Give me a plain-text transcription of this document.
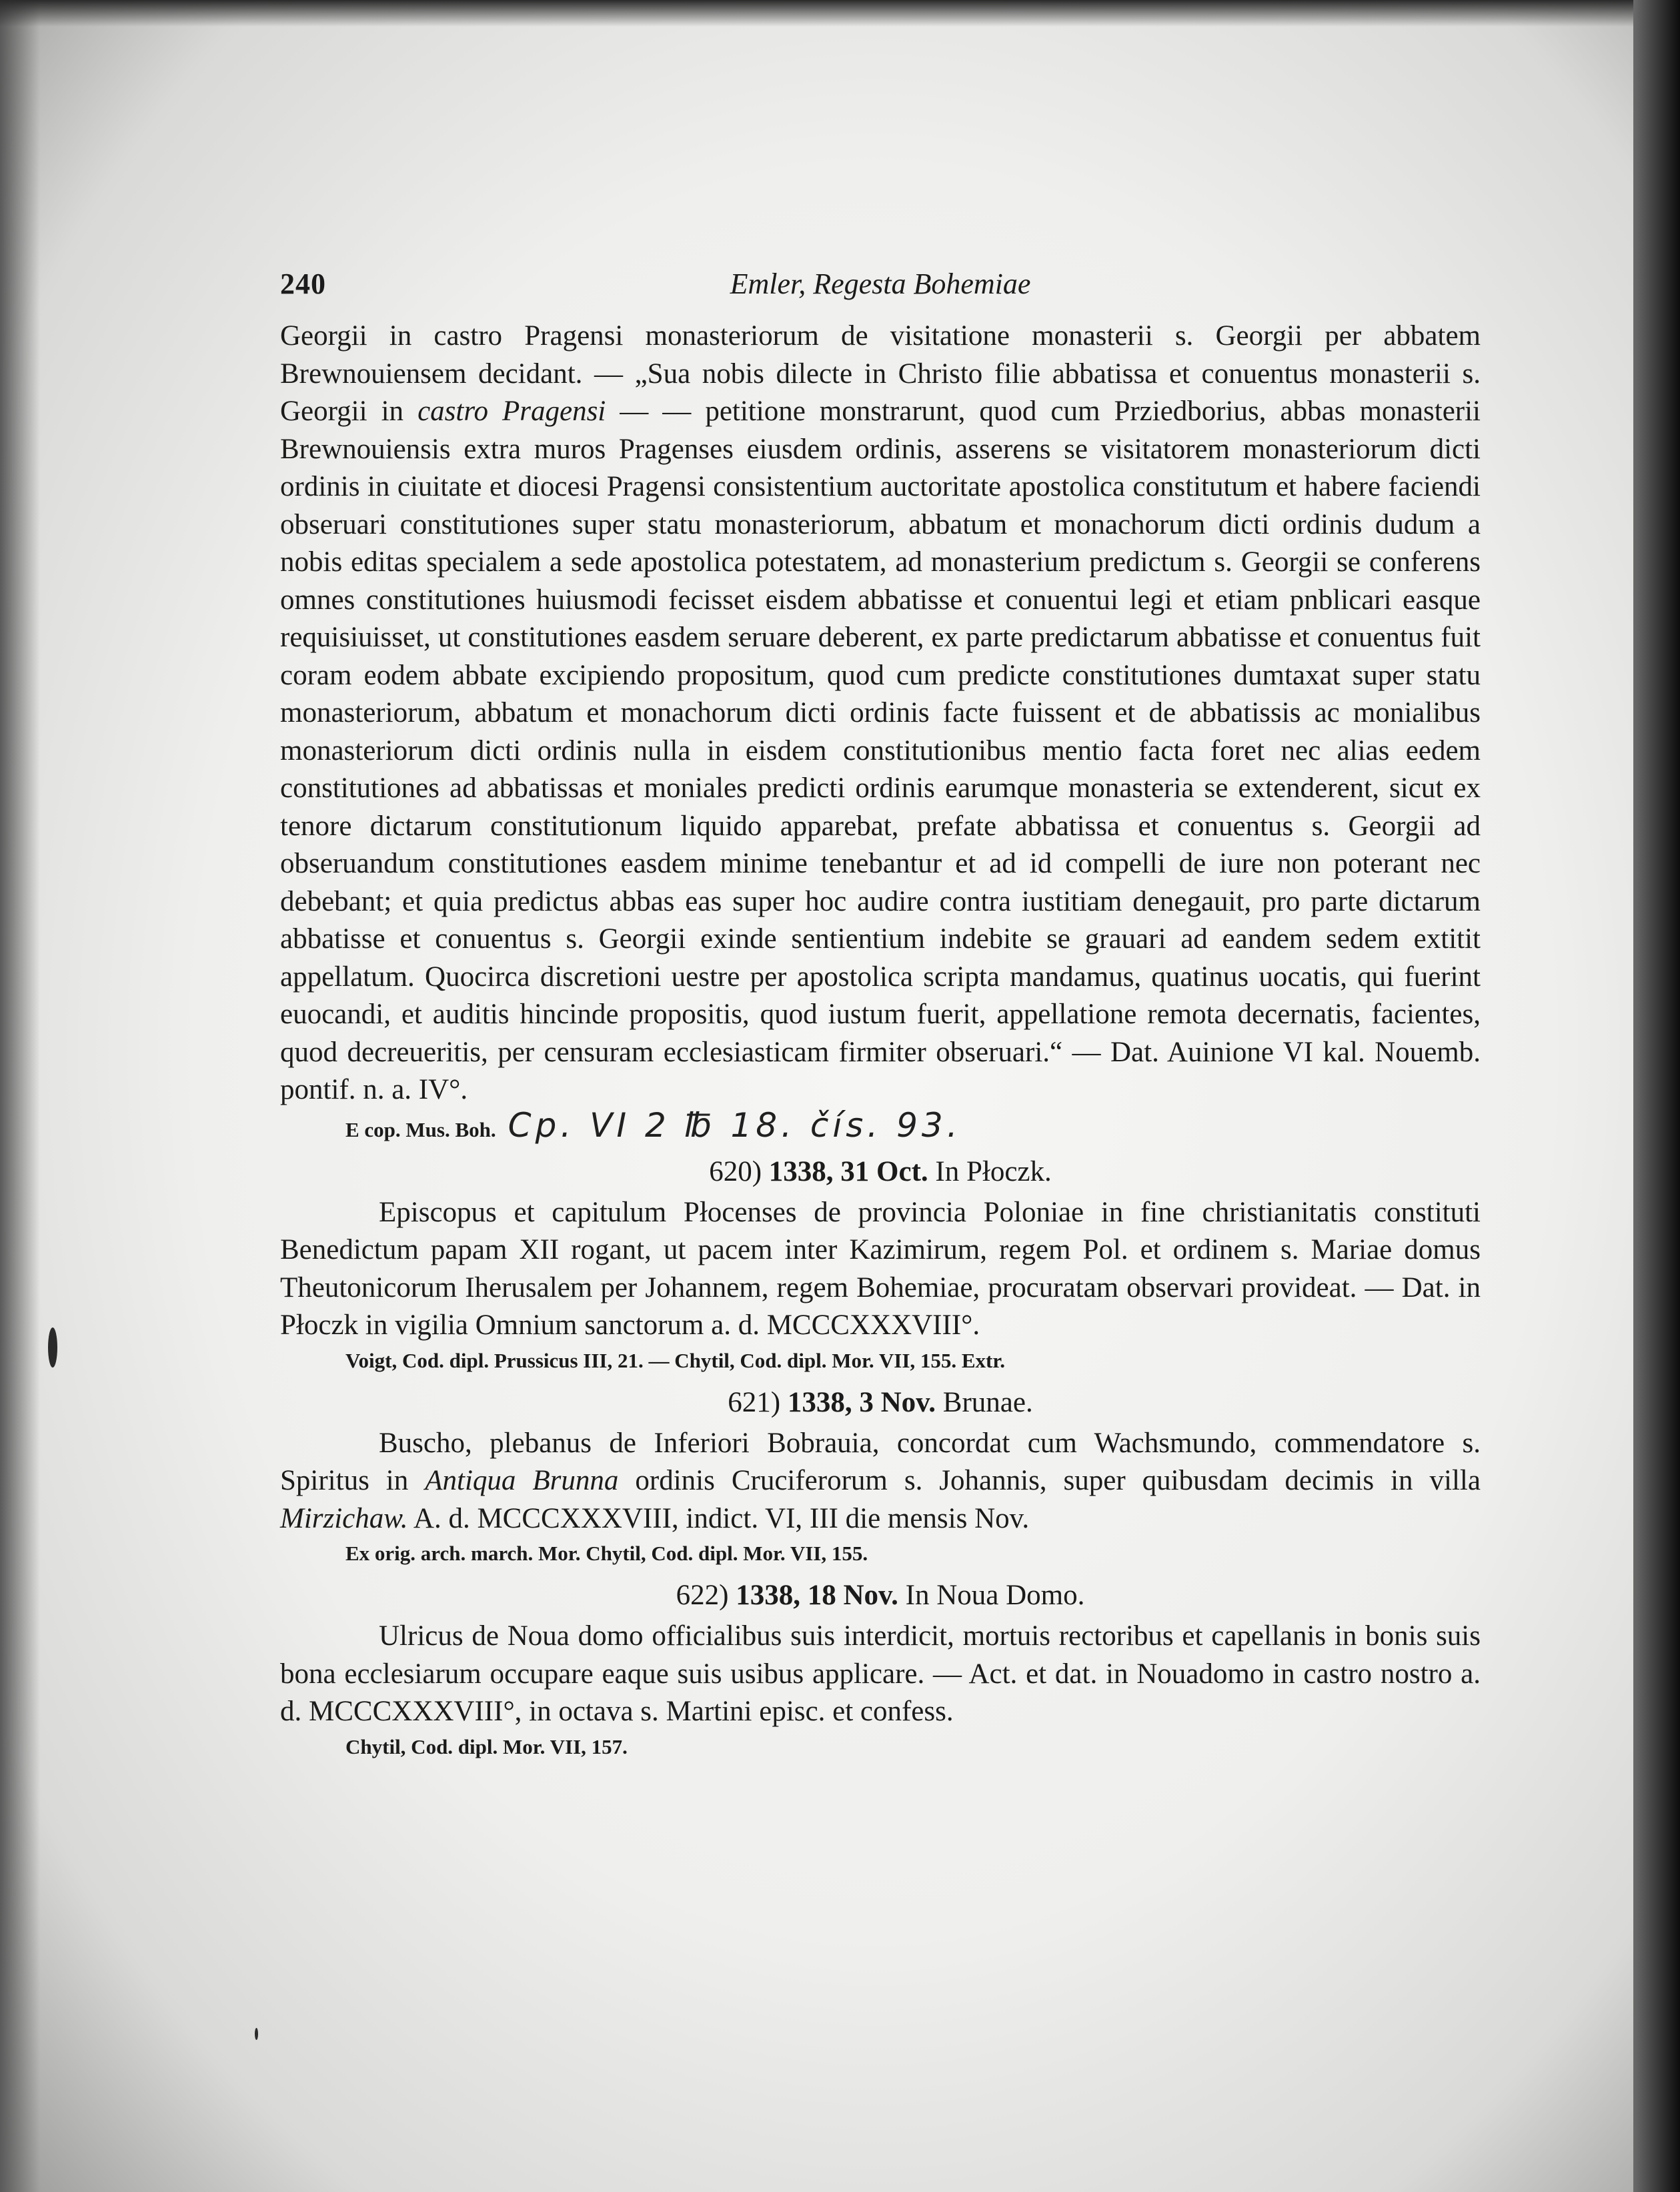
240	Emler, Regesta Bohemiae

Georgii in castro Pragensi monasteriorum de visitatione monasterii s. Georgii per abbatem Brewnouiensem decidant. — „Sua nobis dilecte in Christo filie abbatissa et conuentus monasterii s. Georgii in castro Pragensi — — petitione monstrarunt, quod cum Prziedborius, abbas monasterii Brewnouiensis extra muros Pragenses eiusdem ordinis, asserens se visitatorem monasteriorum dicti ordinis in ciuitate et diocesi Pragensi consistentium auctoritate apostolica constitutum et habere faciendi obseruari constitutiones super statu monasteriorum, abbatum et monachorum dicti ordinis dudum a nobis editas specialem a sede apostolica potestatem, ad monasterium predictum s. Georgii se conferens omnes constitutiones huiusmodi fecisset eisdem abbatisse et conuentui legi et etiam pnblicari easque requisiuisset, ut constitutiones easdem seruare deberent, ex parte predictarum abbatisse et conuentus fuit coram eodem abbate excipiendo propositum, quod cum predicte constitutiones dumtaxat super statu monasteriorum, abbatum et monachorum dicti ordinis facte fuissent et de abbatissis ac monialibus monasteriorum dicti ordinis nulla in eisdem constitutionibus mentio facta foret nec alias eedem constitutiones ad abbatissas et moniales predicti ordinis earumque monasteria se extenderent, sicut ex tenore dictarum constitutionum liquido apparebat, prefate abbatissa et conuentus s. Georgii ad obseruandum constitutiones easdem minime tenebantur et ad id compelli de iure non poterant nec debebant; et quia predictus abbas eas super hoc audire contra iustitiam denegauit, pro parte dictarum abbatisse et conuentus s. Georgii exinde sentientium indebite se grauari ad eandem sedem extitit appellatum. Quocirca discretioni uestre per apostolica scripta mandamus, quatinus uocatis, qui fuerint euocandi, et auditis hincinde propositis, quod iustum fuerit, appellatione remota decernatis, facientes, quod decreueritis, per censuram ecclesiasticam firmiter obseruari.“ — Dat. Auinione VI kal. Nouemb. pontif. n. a. IV°.

E cop. Mus. Boh. Cp. VI 2 ℔ 18. čís. 93.
620) 1338, 31 Oct. In Płoczk.
Episcopus et capitulum Płocenses de provincia Poloniae in fine christianitatis constituti Benedictum papam XII rogant, ut pacem inter Kazimirum, regem Pol. et ordinem s. Mariae domus Theutonicorum Iherusalem per Johannem, regem Bohemiae, procuratam observari provideat. — Dat. in Płoczk in vigilia Omnium sanctorum a. d. MCCCXXXVIII°.
Voigt, Cod. dipl. Prussicus III, 21. — Chytil, Cod. dipl. Mor. VII, 155. Extr.
621) 1338, 3 Nov. Brunae.
Buscho, plebanus de Inferiori Bobrauia, concordat cum Wachsmundo, commendatore s. Spiritus in Antiqua Brunna ordinis Cruciferorum s. Johannis, super quibusdam decimis in villa Mirzichaw. A. d. MCCCXXXVIII, indict. VI, III die mensis Nov.
Ex orig. arch. march. Mor. Chytil, Cod. dipl. Mor. VII, 155.
622) 1338, 18 Nov. In Noua Domo.
Ulricus de Noua domo officialibus suis interdicit, mortuis rectoribus et capellanis in bonis suis bona ecclesiarum occupare eaque suis usibus applicare. — Act. et dat. in Nouadomo in castro nostro a. d. MCCCXXXVIII°, in octava s. Martini episc. et confess.
Chytil, Cod. dipl. Mor. VII, 157.
